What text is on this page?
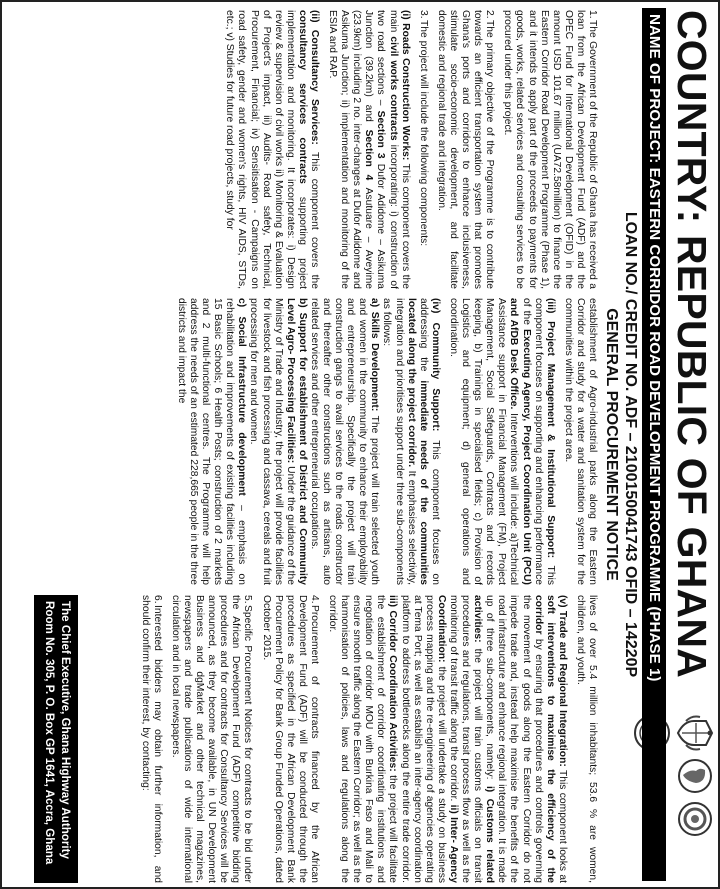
COUNTRY: REPUBLIC OF GHANA

NAME OF PROJECT: EASTERN CORRIDOR ROAD DEVELOPMENT PROGRAMME (PHASE 1)
LOAN NO./ CREDIT NO. ADF – 2100150041743 OFID – 14220P
GENERAL PROCUREMENT NOTICE

1.The Government of the Republic of Ghana has received a loan from the African Development Fund (ADF) and the OPEC Fund for International Development (OFID) in the amount USD 101.67 million (UA72.58million) to finance the Eastern Corridor Road Development Programme (Phase 1), and it intends to apply part of the proceeds to payments for goods, works, related services and consulting services to be procured under this project.

2.The primary objective of the Programme is to contribute towards an efficient transportation system that promotes Ghana's ports and corridors to enhance inclusiveness, stimulate socio-economic development, and facilitate domestic and regional trade and integration.

3.The project will include the following components:

(i) Roads Construction Works: This component covers the main civil works contracts incorporating: i) construction of two road sections – Section 3 Dufor Adidome – Asikuma Junction (39.2km) and Section 4 Asutuare – Aveyime (23.9km) including 2 no. inter-changes at Dufor Adidome and Asikuma Junction; ii) implementation and monitoring of the ESIA and RAP.

(ii) Consultancy Services: This component covers the consultancy services contracts supporting project implementation and monitoring. It incorporates: i) Design review & supervision of civil works ii) Monitoring & Evaluation of Project's impact, iii) Audits- Road safety, Technical, Procurement, Financial; iv) Sensitisation - Campaigns on road safety, gender and women's rights, HIV AIDS, STDs, etc.; v) Studies for future road projects, study for

establishment of Agro-industrial parks along the Eastern Corridor and study for a water and sanitation system for the communities within the project area.

(iii) Project Management & Institutional Support: This component focuses on supporting and enhancing performance of the Executing Agency, Project Coordination Unit (PCU) and AfDB Desk Office. Interventions will include: a)Technical Assistance support in Financial Management (FM), Project Management, Social Safeguards, Contracts and records keeping, b) Trainings in specialised fields; c) Provision of Logistics and equipment; d) general operations and coordination.

(iv) Community Support: This component focuses on addressing the immediate needs of the communities located along the project corridor. It emphasises selectivity, integration and prioritises support under three sub-components as follows:
a) Skills Development: The project will train selected youth and women in the community to enhance their employability and entrepreneurship. Specifically the project will train construction gangs to avail services to the roads constructor and thereafter other constructions such as artisans, auto related services and other entrepreneurial occupations.
b) Support for establishment of District and Community Level Agro- Processing Facilities: Under the guidance of the Ministry of Trade and Industry, the project will provide facilities for livestock and fish processing and cassava, cereals and fruit processing for men and women.
c) Social Infrastructure development – emphasis on rehabilitation and improvements of existing facilities including 15 Basic Schools; 6 Health Posts; construction of 2 markets and 2 multi-functional centres. The Programme will help address the needs of an estimated 228,665 people in the three districts and impact the

lives of over 5.4 million inhabitants; 53.6 % are women, children, and youth.

(v) Trade and Regional Integration: This component looks at soft interventions to maximise the efficiency of the corridor by ensuring that procedures and controls governing the movement of goods along the Eastern Corridor do not impede trade and, instead help maximise the benefits of the road infrastructure and enhance regional integration. It is made up of three sub-components, namely: i) Customs related activities: the project will train customs officials on transit procedures and regulations, transit process flow as well as the monitoring of transit traffic along the corridor. ii) Inter- Agency Coordination: the project will undertake a study on business process mapping and the re-engineering of agencies operating at Tema Port; as well as establish an inter-agency coordination platform to address bottlenecks along the entire trade corridor. iii) Corridor Coordination Activities: the project will facilitate the establishment of corridor coordinating institutions and negotiation of corridor MOU with Burkina Faso and Mali to ensure smooth traffic along the Eastern Corridor; as well as the harmonisation of policies, laws and regulations along the corridor.

4.Procurement of contracts financed by the African Development Fund (ADF) will be conducted through the procedures as specified in the African Development Bank Procurement Policy for Bank Group Funded Operations, dated October 2015.

5.Specific Procurement Notices for contracts to be bid under the African Development Fund (ADF) competitive bidding procedures and for contracts for Consultancy Services will be announced, as they become available, in UN Development Business and dgMarket and other technical magazines, newspapers and trade publications of wide international circulation and in local newspapers.

6.Interested bidders may obtain further information, and should confirm their interest, by contacting:

The Chief Executive, Ghana Highway Authority
Room No. 305, P. O. Box GP 1641, Accra, Ghana
